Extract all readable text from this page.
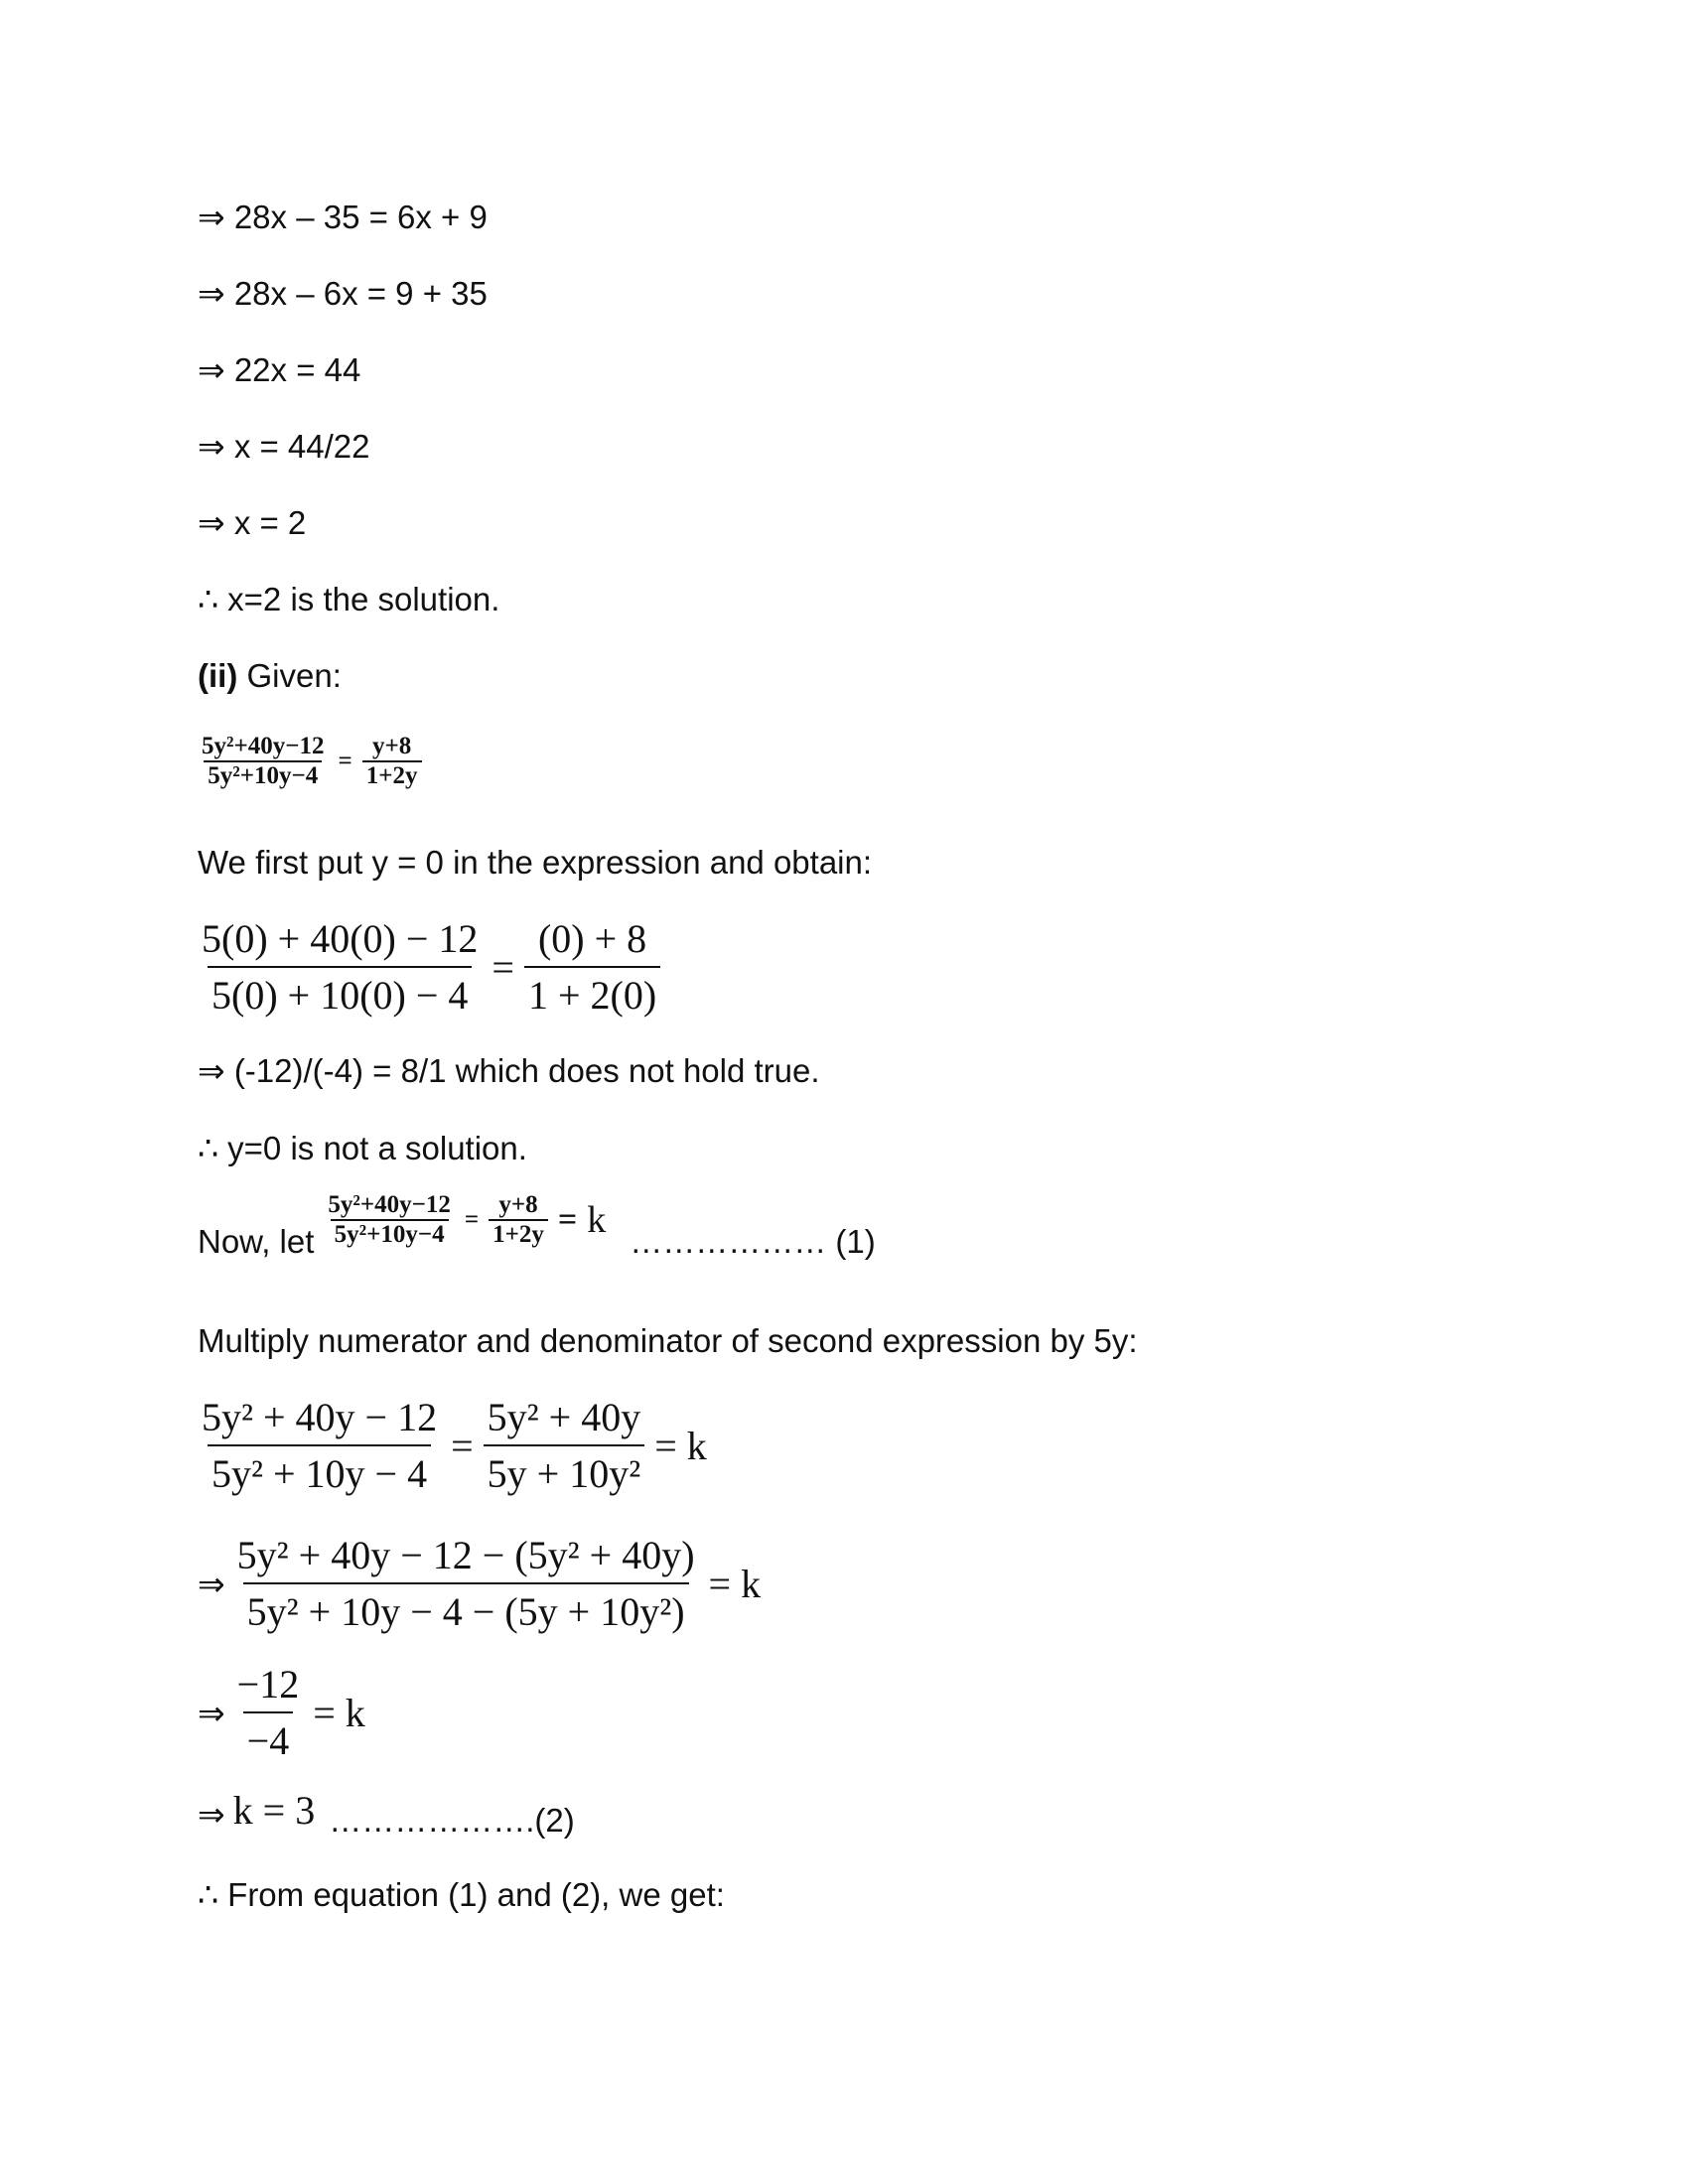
⇒ 28x – 35 = 6x + 9
⇒ 28x – 6x = 9 + 35
⇒ 22x = 44
⇒ x = 44/22
⇒ x = 2
∴ x=2 is the solution.
(ii) Given:
$\frac{\text{5y²+40y−12}}{\text{5y²+10y−4}} = \frac{y+8}{1+2y}$
We first put y = 0 in the expression and obtain:
$\frac{5(0) + 40(0) - 12}{5(0) + 10(0) - 4} = \frac{(0) + 8}{1 + 2(0)}$
⇒ (-12)/(-4) = 8/1 which does not hold true.
∴ y=0 is not a solution.
Now, let $\frac{\text{5y²+40y−12}}{\text{5y²+10y−4}} = \frac{y+8}{1+2y} = k$
……………… (1)
Multiply numerator and denominator of second expression by 5y:
$\frac{\text{5y² + 40y − 12}}{\text{5y² + 10y − 4}} = \frac{\text{5y² + 40y}}{\text{5y + 10y²}} = k$
⇒ $\frac{\text{5y² + 40y − 12 − (5y² + 40y)}}{\text{5y² + 10y − 4 − (5y + 10y²)}} = k$
⇒ $\frac{-12}{-4} = k$
⇒ k = 3 ……………….(2)
∴ From equation (1) and (2), we get:
